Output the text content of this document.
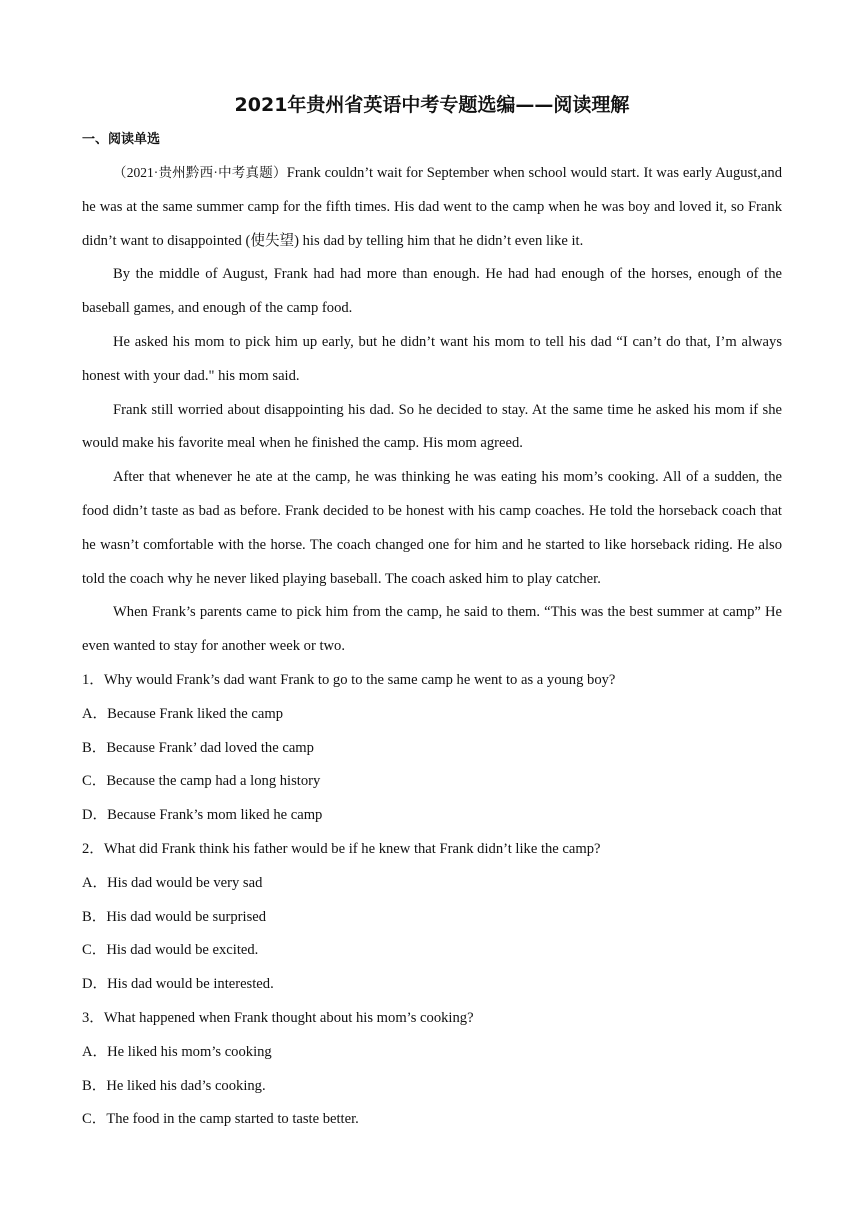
2021年贵州省英语中考专题选编——阅读理解
一、阅读单选

（2021·贵州黔西·中考真题）Frank couldn’t wait for September when school would start. It was early August,and he was at the same summer camp for the fifth times. His dad went to the camp when he was boy and loved it, so Frank didn’t want to disappointed (使失望) his dad by telling him that he didn’t even like it.

By the middle of August, Frank had had more than enough. He had had enough of the horses, enough of the baseball games, and enough of the camp food.

He asked his mom to pick him up early, but he didn’t want his mom to tell his dad “I can’t do that, I’m always honest with your dad." his mom said.

Frank still worried about disappointing his dad. So he decided to stay. At the same time he asked his mom if she would make his favorite meal when he finished the camp. His mom agreed.

After that whenever he ate at the camp, he was thinking he was eating his mom’s cooking. All of a sudden, the food didn’t taste as bad as before. Frank decided to be honest with his camp coaches. He told the horseback coach that he wasn’t comfortable with the horse. The coach changed one for him and he started to like horseback riding. He also told the coach why he never liked playing baseball. The coach asked him to play catcher.

When Frank’s parents came to pick him from the camp, he said to them. “This was the best summer at camp” He even wanted to stay for another week or two.

1．Why would Frank’s dad want Frank to go to the same camp he went to as a young boy?
A．Because Frank liked the camp
B．Because Frank’ dad loved the camp
C．Because the camp had a long history
D．Because Frank’s mom liked he camp
2．What did Frank think his father would be if he knew that Frank didn’t like the camp?
A．His dad would be very sad
B．His dad would be surprised
C．His dad would be excited.
D．His dad would be interested.
3．What happened when Frank thought about his mom’s cooking?
A．He liked his mom’s cooking
B．He liked his dad’s cooking.
C．The food in the camp started to taste better.
